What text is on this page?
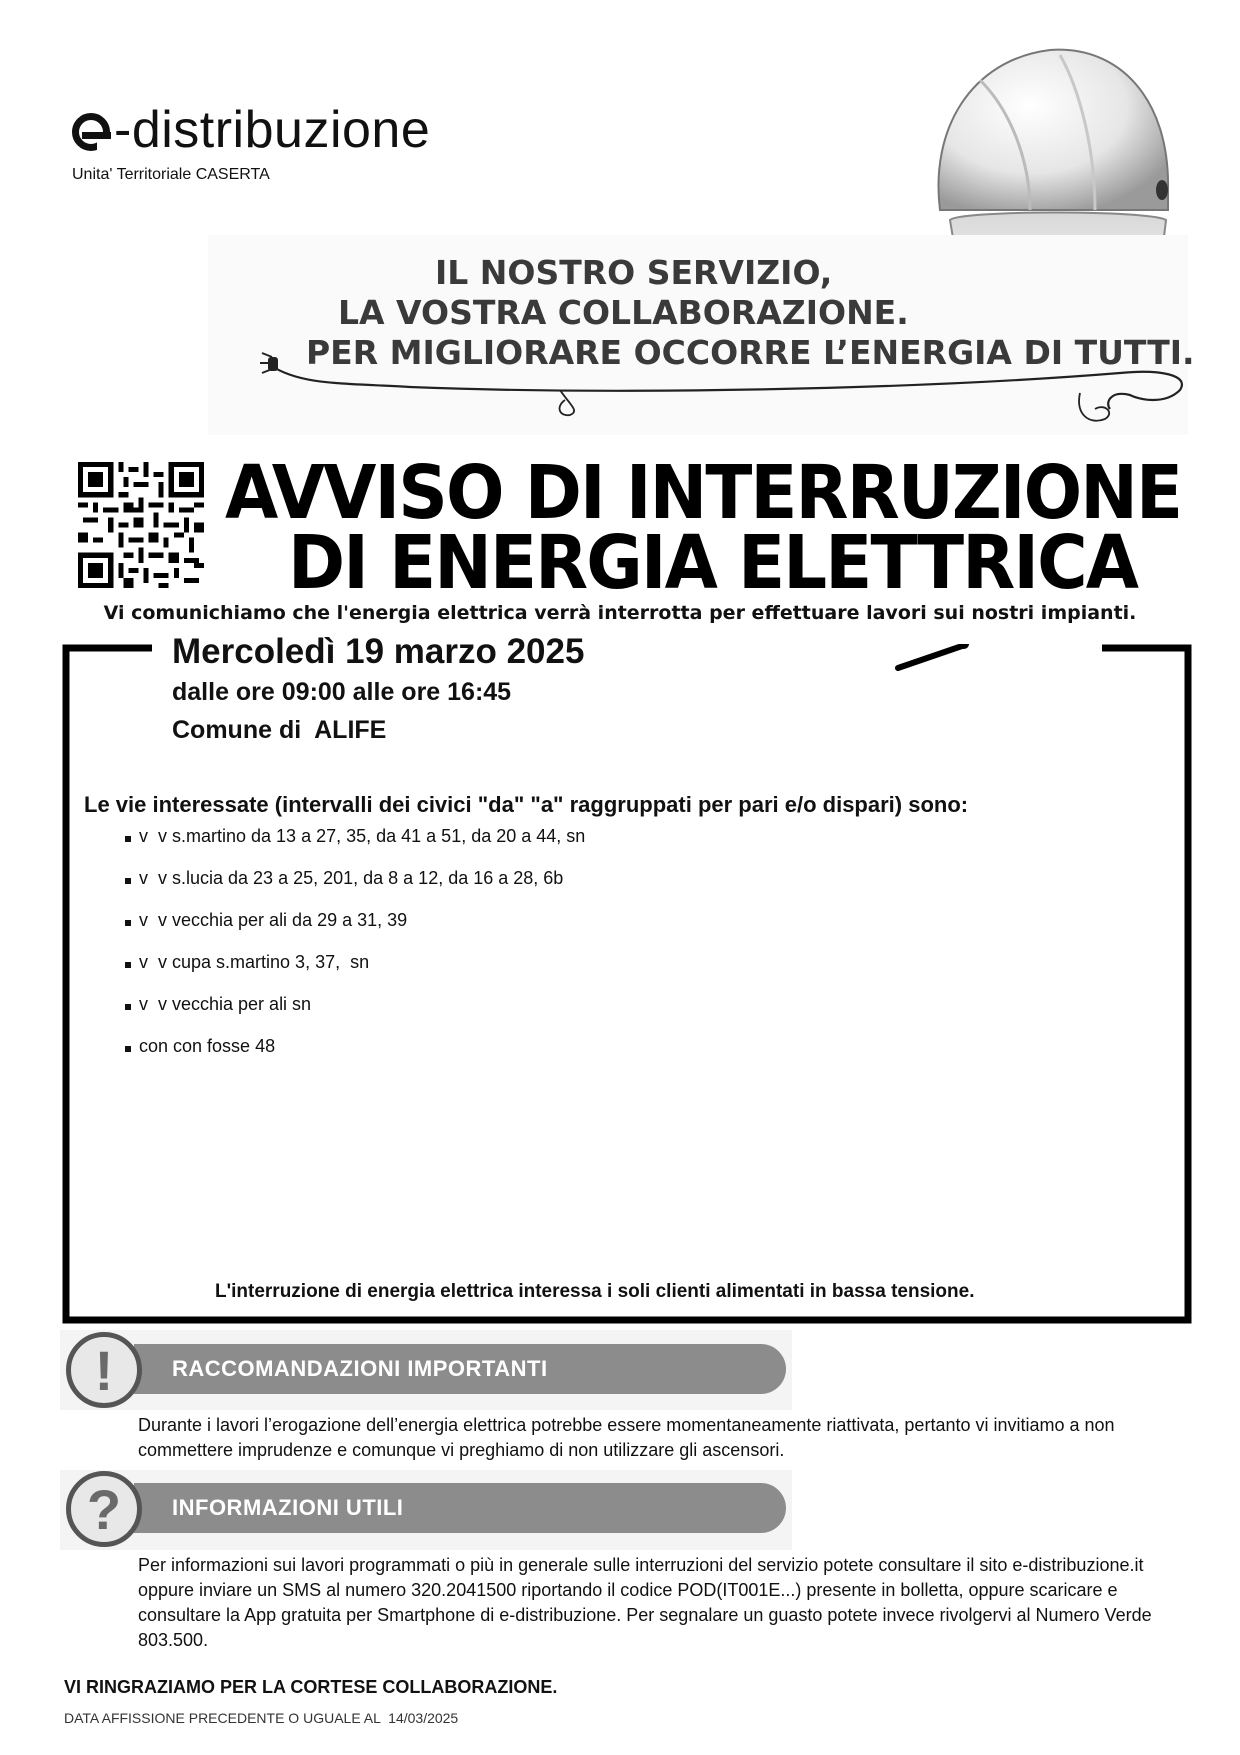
-distribuzione
Unita' Territoriale CASERTA
IL NOSTRO SERVIZIO,
LA VOSTRA COLLABORAZIONE.
PER MIGLIORARE OCCORRE L’ENERGIA DI TUTTI.
AVVISO DI INTERRUZIONE
DI ENERGIA ELETTRICA
Vi comunichiamo che l'energia elettrica verrà interrotta per effettuare lavori sui nostri impianti.
Mercoledì 19 marzo 2025
dalle ore 09:00 alle ore 16:45
Comune di  ALIFE
Le vie interessate (intervalli dei civici "da" "a" raggruppati per pari e/o dispari) sono:
v  v s.martino da 13 a 27, 35, da 41 a 51, da 20 a 44, sn
v  v s.lucia da 23 a 25, 201, da 8 a 12, da 16 a 28, 6b
v  v vecchia per ali da 29 a 31, 39
v  v cupa s.martino 3, 37,  sn
v  v vecchia per ali sn
con con fosse 48
L'interruzione di energia elettrica interessa i soli clienti alimentati in bassa tensione.
RACCOMANDAZIONI IMPORTANTI
!
Durante i lavori l’erogazione dell’energia elettrica potrebbe essere momentaneamente riattivata, pertanto vi invitiamo a non commettere imprudenze e comunque vi preghiamo di non utilizzare gli ascensori.
INFORMAZIONI UTILI
?
Per informazioni sui lavori programmati o più in generale sulle interruzioni del servizio potete consultare il sito e-distribuzione.it oppure inviare un SMS al numero 320.2041500 riportando il codice POD(IT001E...) presente in bolletta, oppure scaricare e consultare la App gratuita per Smartphone di e-distribuzione. Per segnalare un guasto potete invece rivolgervi al Numero Verde 803.500.
VI RINGRAZIAMO PER LA CORTESE COLLABORAZIONE.
DATA AFFISSIONE PRECEDENTE O UGUALE AL  14/03/2025
